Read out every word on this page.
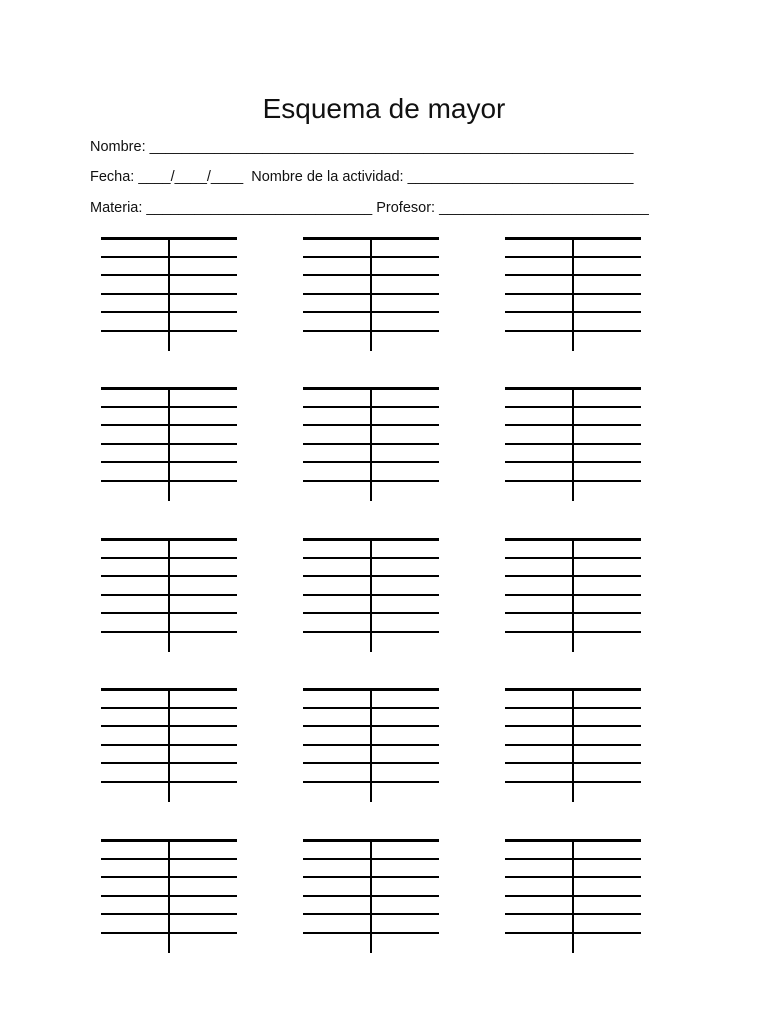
Esquema de mayor
Nombre: ____________________________________________________________
Fecha: ____/____/____  Nombre de la actividad: ____________________________
Materia: ____________________________ Profesor: __________________________
